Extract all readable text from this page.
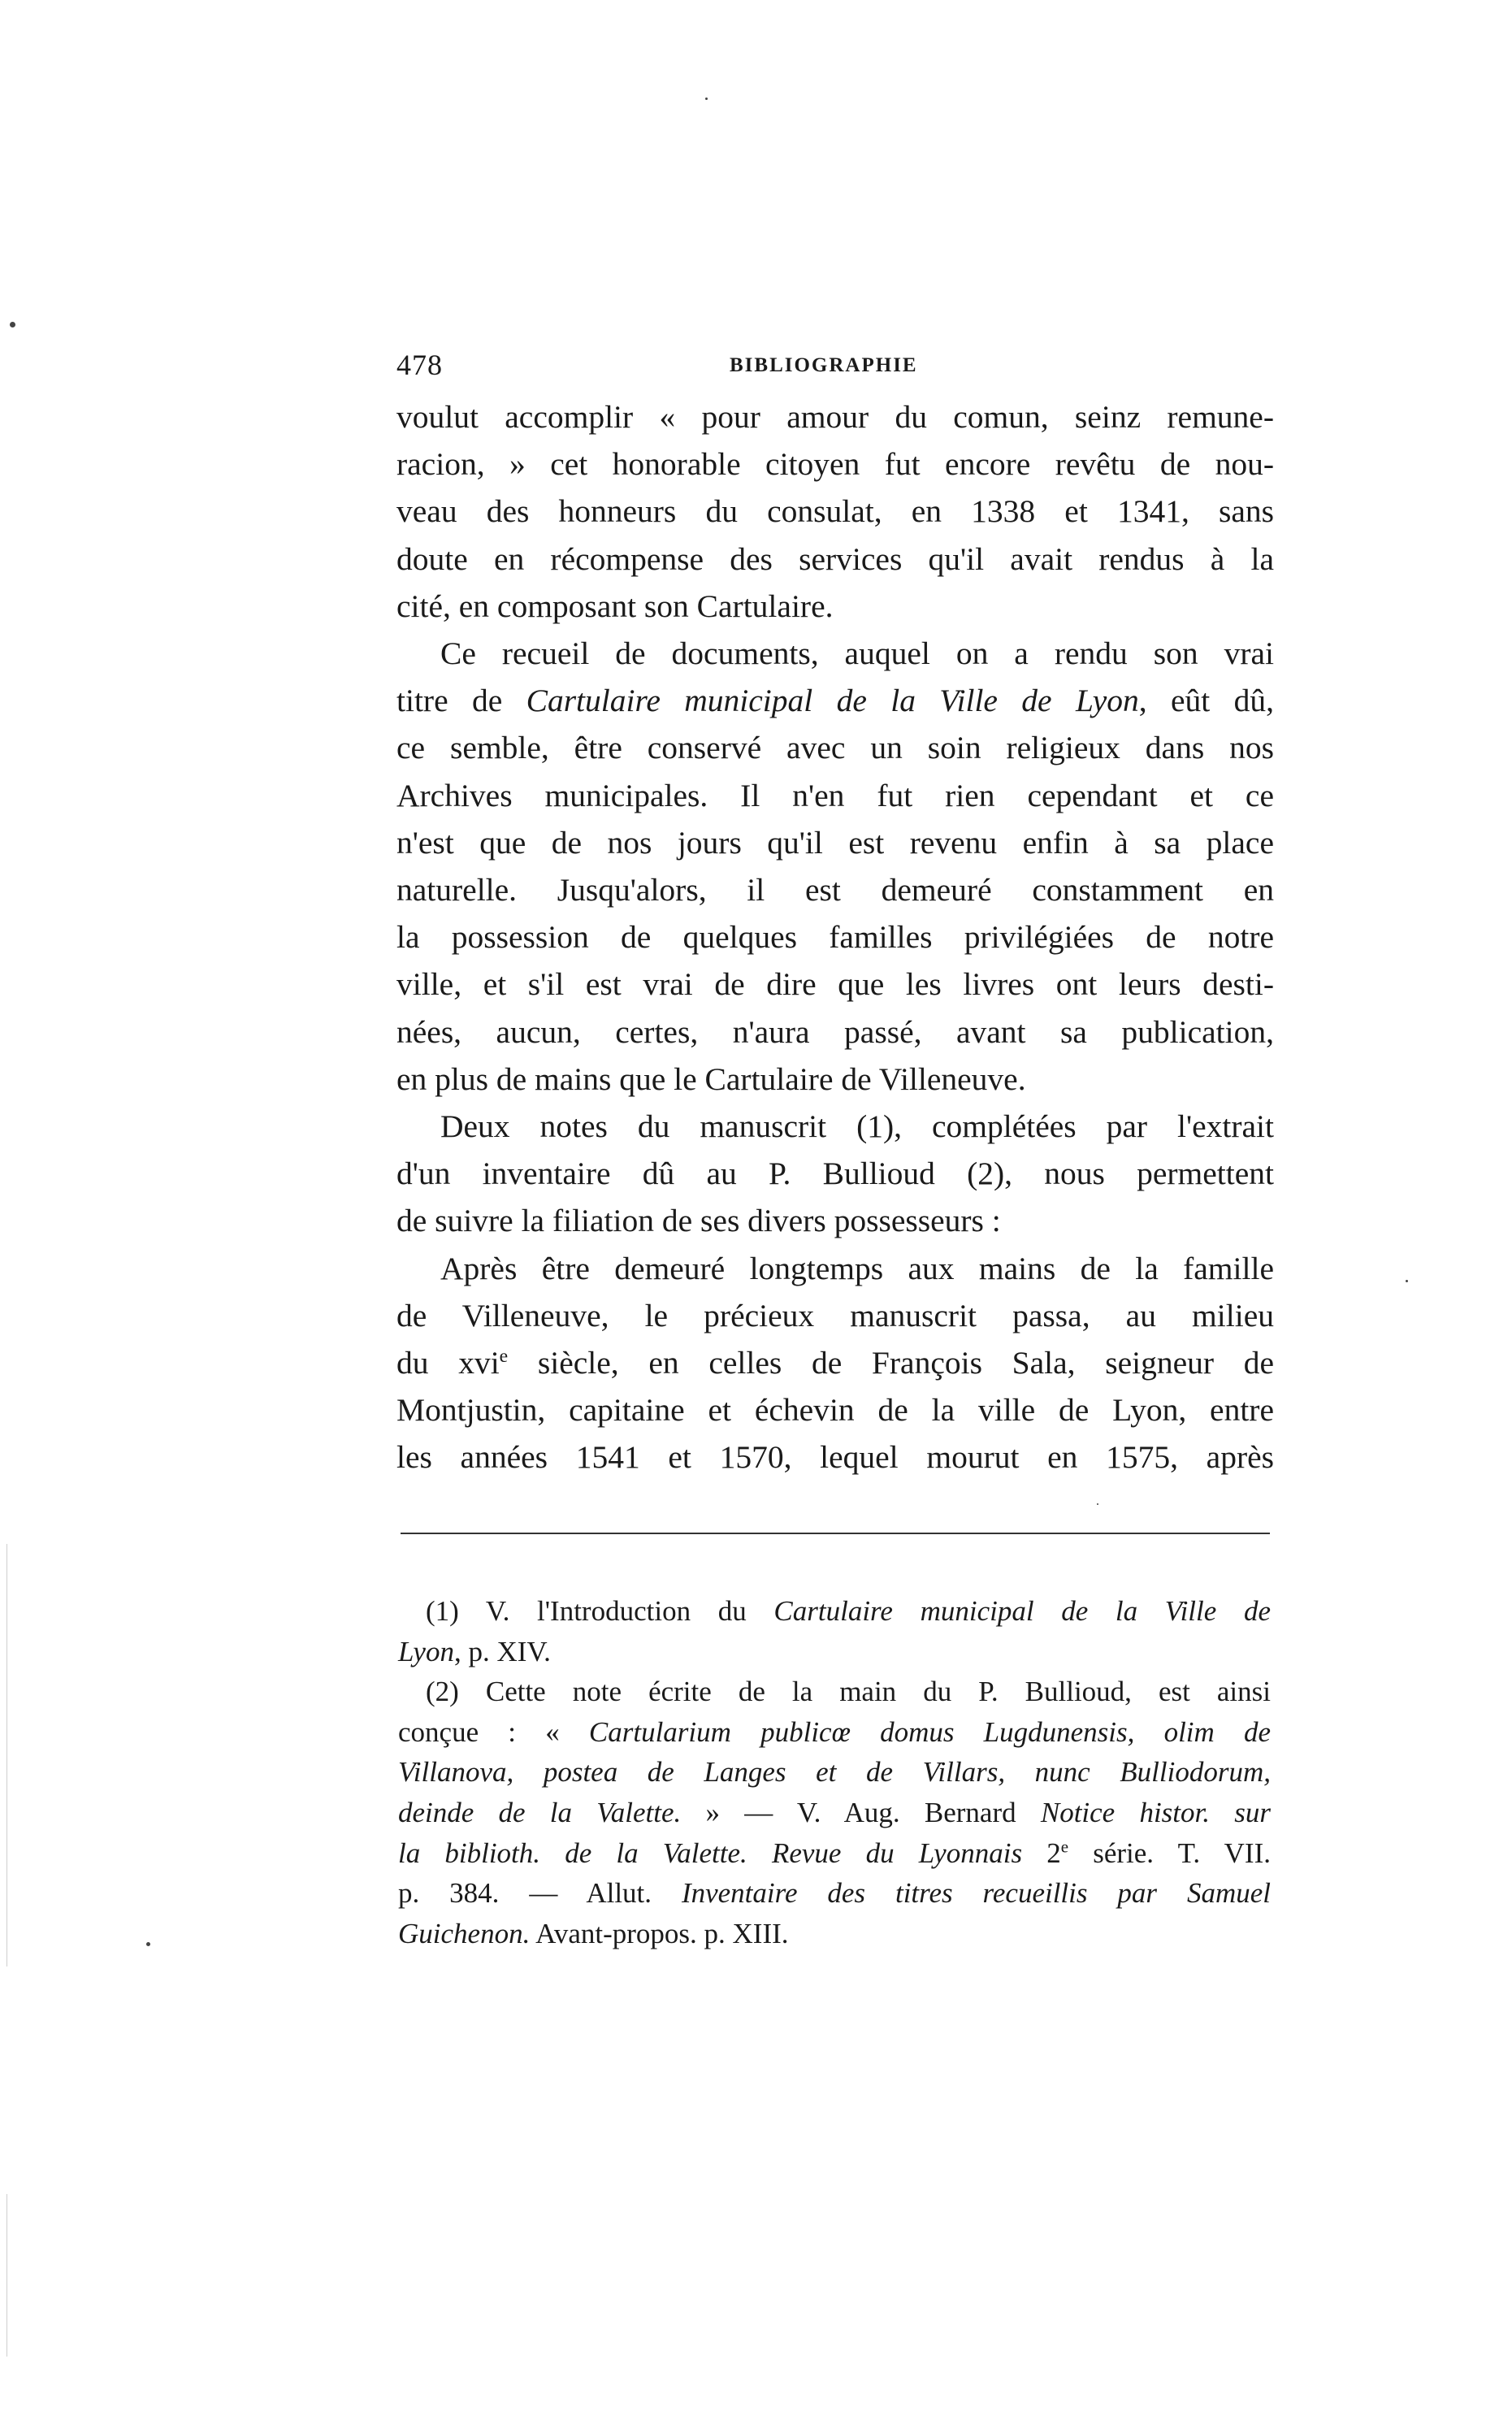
478	BIBLIOGRAPHIE

voulut accomplir « pour amour du comun, seinz remune-
racion, » cet honorable citoyen fut encore revêtu de nou-
veau des honneurs du consulat, en 1338 et 1341, sans
doute en récompense des services qu'il avait rendus à la
cité, en composant son Cartulaire.

Ce recueil de documents, auquel on a rendu son vrai
titre de Cartulaire municipal de la Ville de Lyon, eût dû,
ce semble, être conservé avec un soin religieux dans nos
Archives municipales. Il n'en fut rien cependant et ce
n'est que de nos jours qu'il est revenu enfin à sa place
naturelle. Jusqu'alors, il est demeuré constamment en
la possession de quelques familles privilégiées de notre
ville, et s'il est vrai de dire que les livres ont leurs desti-
nées, aucun, certes, n'aura passé, avant sa publication,
en plus de mains que le Cartulaire de Villeneuve.

Deux notes du manuscrit (1), complétées par l'extrait
d'un inventaire dû au P. Bullioud (2), nous permettent
de suivre la filiation de ses divers possesseurs :

Après être demeuré longtemps aux mains de la famille
de Villeneuve, le précieux manuscrit passa, au milieu
du xvi$^e$ siècle, en celles de François Sala, seigneur de
Montjustin, capitaine et échevin de la ville de Lyon, entre
les années 1541 et 1570, lequel mourut en 1575, après

(1) V. l'Introduction du Cartulaire municipal de la Ville de
Lyon, p. XIV.
(2) Cette note écrite de la main du P. Bullioud, est ainsi
conçue : « Cartularium publicœ domus Lugdunensis, olim de
Villanova, postea de Langes et de Villars, nunc Bulliodorum,
deinde de la Valette. » — V. Aug. Bernard Notice histor. sur
la biblioth. de la Valette. Revue du Lyonnais 2e série. T. VII.
p. 384. — Allut. Inventaire des titres recueillis par Samuel
Guichenon. Avant-propos. p. XIII.
